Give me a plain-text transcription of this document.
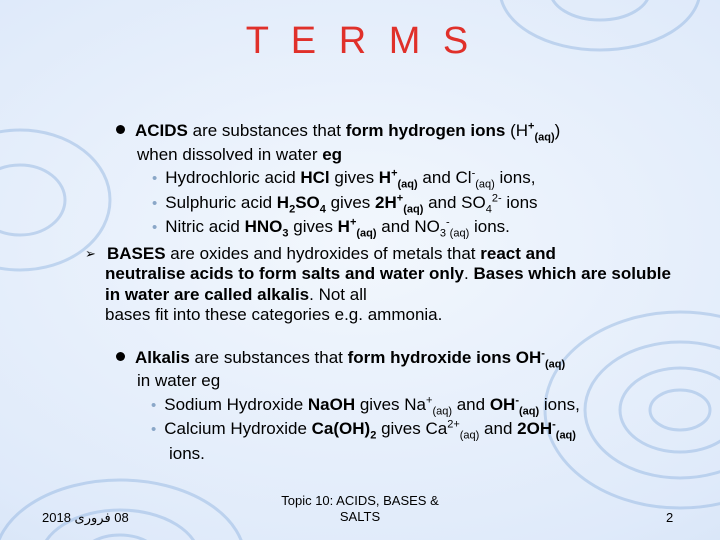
T E R M S
ACIDS are substances that form hydrogen ions $(H^+_{(aq)})$
when dissolved in water eg
• Hydrochloric acid HCl gives $H^+_{(aq)}$ and $Cl^-_{(aq)}$ ions,
• Sulphuric acid $H_2SO_4$ gives $2H^+_{(aq)}$ and $SO_4^{2-}$ ions
• Nitric acid $HNO_3$ gives $H^+_{(aq)}$ and $NO_3^-_{(aq)}$ ions.
➢ BASES are oxides and hydroxides of metals that react and
neutralise acids to form salts and water only. Bases which are soluble in water are called alkalis. Not all
bases fit into these categories e.g. ammonia.
Alkalis are substances that form hydroxide ions $OH^-_{(aq)}$
in water eg
• Sodium Hydroxide NaOH gives $Na^+_{(aq)}$ and $OH^-_{(aq)}$ ions,
• Calcium Hydroxide $Ca(OH)_2$ gives $Ca^{2+}_{(aq)}$ and $2OH^-_{(aq)}$
ions.
08 فروری 2018
Topic 10: ACIDS, BASES &
SALTS	2
